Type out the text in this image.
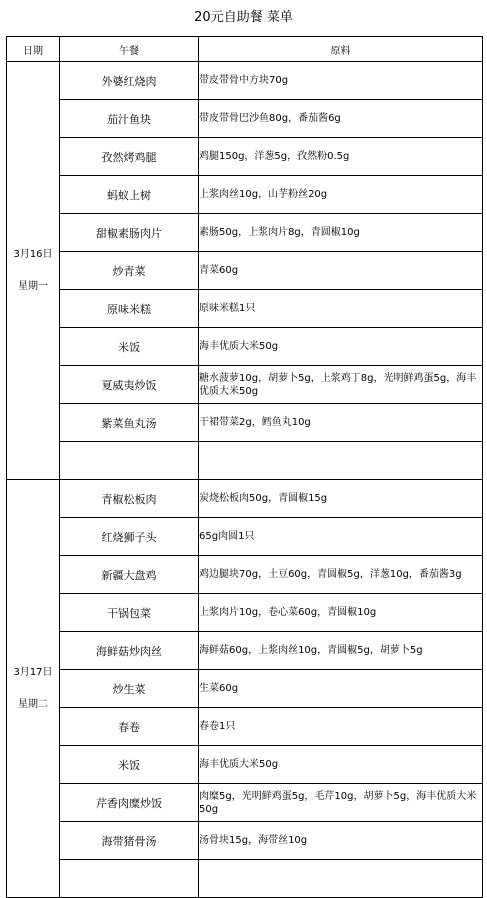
20元自助餐 菜单
日期	午餐	原料

3月16日
星期一	外婆红烧肉	带皮带骨中方块70g
	茄汁鱼块	带皮带骨巴沙鱼80g，番茄酱6g
	孜然烤鸡腿	鸡腿150g，洋葱5g，孜然粉0.5g
	蚂蚁上树	上浆肉丝10g，山芋粉丝20g
	甜椒素肠肉片	素肠50g，上浆肉片8g，青圆椒10g
	炒青菜	青菜60g
	原味米糕	原味米糕1只
	米饭	海丰优质大米50g
	夏威夷炒饭	糖水菠萝10g，胡萝卜5g，上浆鸡丁8g，光明鲜鸡蛋5g，海丰优质大米50g
	紫菜鱼丸汤	干裙带菜2g，鳕鱼丸10g

3月17日
星期二	青椒松板肉	炭烧松板肉50g，青圆椒15g
	红烧狮子头	65g肉圆1只
	新疆大盘鸡	鸡边腿块70g，土豆60g，青圆椒5g，洋葱10g，番茄酱3g
	干锅包菜	上浆肉片10g，卷心菜60g，青圆椒10g
	海鲜菇炒肉丝	海鲜菇60g，上浆肉丝10g，青圆椒5g，胡萝卜5g
	炒生菜	生菜60g
	春卷	春卷1只
	米饭	海丰优质大米50g
	芹香肉糜炒饭	肉糜5g，光明鲜鸡蛋5g，毛芹10g，胡萝卜5g，海丰优质大米50g
	海带猪骨汤	汤骨块15g，海带丝10g
